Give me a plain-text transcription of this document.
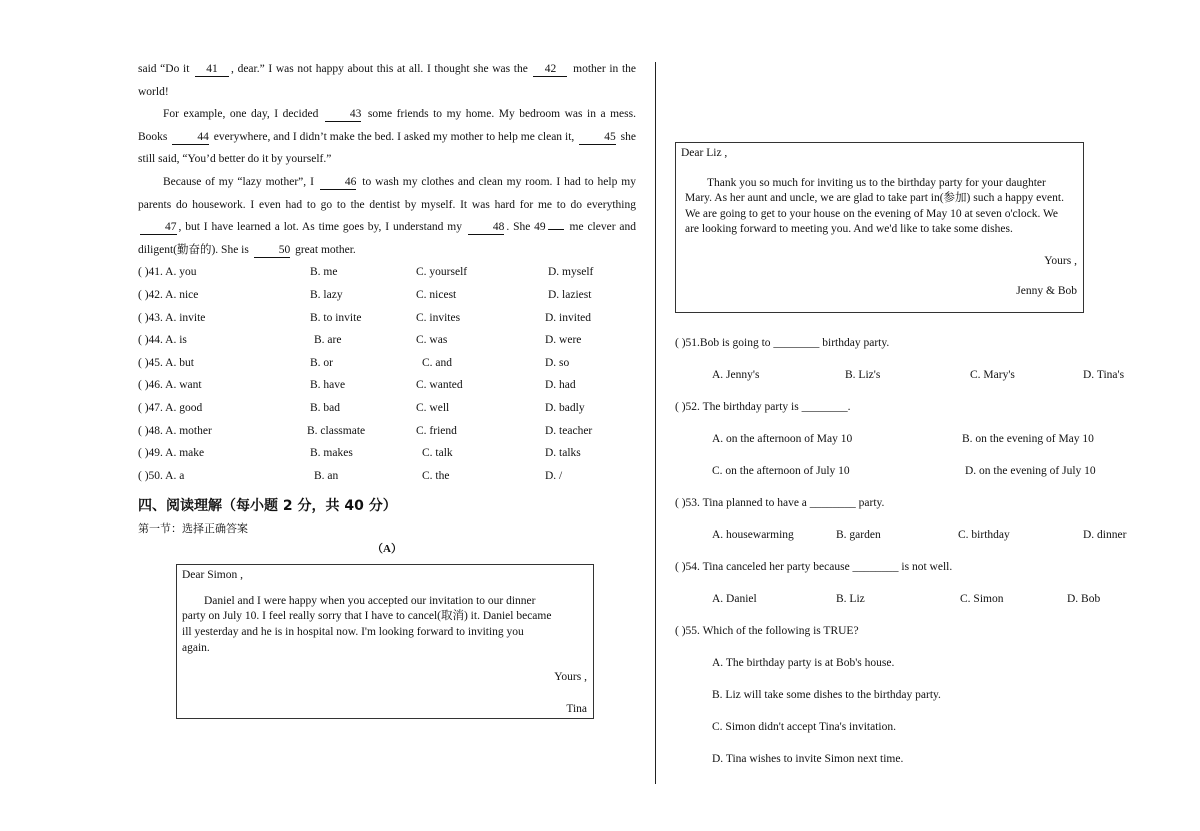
said “Do it 41 , dear.” I was not happy about this at all. I thought she was the 42 mother in the world!

For example, one day, I decided 43 some friends to my home. My bedroom was in a mess. Books 44 everywhere, and I didn’t make the bed. I asked my mother to help me clean it, 45 she still said, “You’d better do it by yourself.”

Because of my “lazy mother”, I 46 to wash my clothes and clean my room. I had to help my parents do housework. I even had to go to the dentist by myself. It was hard for me to do everything 47 , but I have learned a lot. As time goes by, I understand my 48 . She 49 me clever and diligent(勤奋的). She is 50 great mother.

( )41. A. you	B. me	C. yourself	D. myself
( )42. A. nice	B. lazy	C. nicest	D. laziest
( )43. A. invite	B. to invite	C. invites	D. invited
( )44. A. is	B. are	C. was	D. were
( )45. A. but	B. or	C. and	D. so
( )46. A. want	B. have	C. wanted	D. had
( )47. A. good	B. bad	C. well	D. badly
( )48. A. mother	B. classmate	C. friend	D. teacher
( )49. A. make	B. makes	C. talk	D. talks
( )50. A. a	B. an	C. the	D. /
四、阅读理解（每小题 2 分，共 40 分）
第一节：选择正确答案
（A）

Dear Simon ,

Daniel and I were happy when you accepted our invitation to our dinner party on July 10. I feel really sorry that I have to cancel(取消) it. Daniel became ill yesterday and he is in hospital now. I'm looking forward to inviting you again.

Yours ,

Tina

Dear Liz ,

Thank you so much for inviting us to the birthday party for your daughter Mary. As her aunt and uncle, we are glad to take part in(参加) such a happy event. We are going to get to your house on the evening of May 10 at seven o'clock. We are looking forward to meeting you. And we'd like to take some dishes.

Yours ,

Jenny & Bob

( )51.Bob is going to ________ birthday party.
A. Jenny's	B. Liz's	C. Mary's	D. Tina's
( )52. The birthday party is ________.
A. on the afternoon of May 10	B. on the evening of May 10
C. on the afternoon of July 10	D. on the evening of July 10
( )53. Tina planned to have a ________ party.
A. housewarming	B. garden	C. birthday	D. dinner
( )54. Tina canceled her party because ________ is not well.
A. Daniel	B. Liz	C. Simon	D. Bob
( )55. Which of the following is TRUE?
A. The birthday party is at Bob's house.
B. Liz will take some dishes to the birthday party.
C. Simon didn't accept Tina's invitation.
D. Tina wishes to invite Simon next time.
